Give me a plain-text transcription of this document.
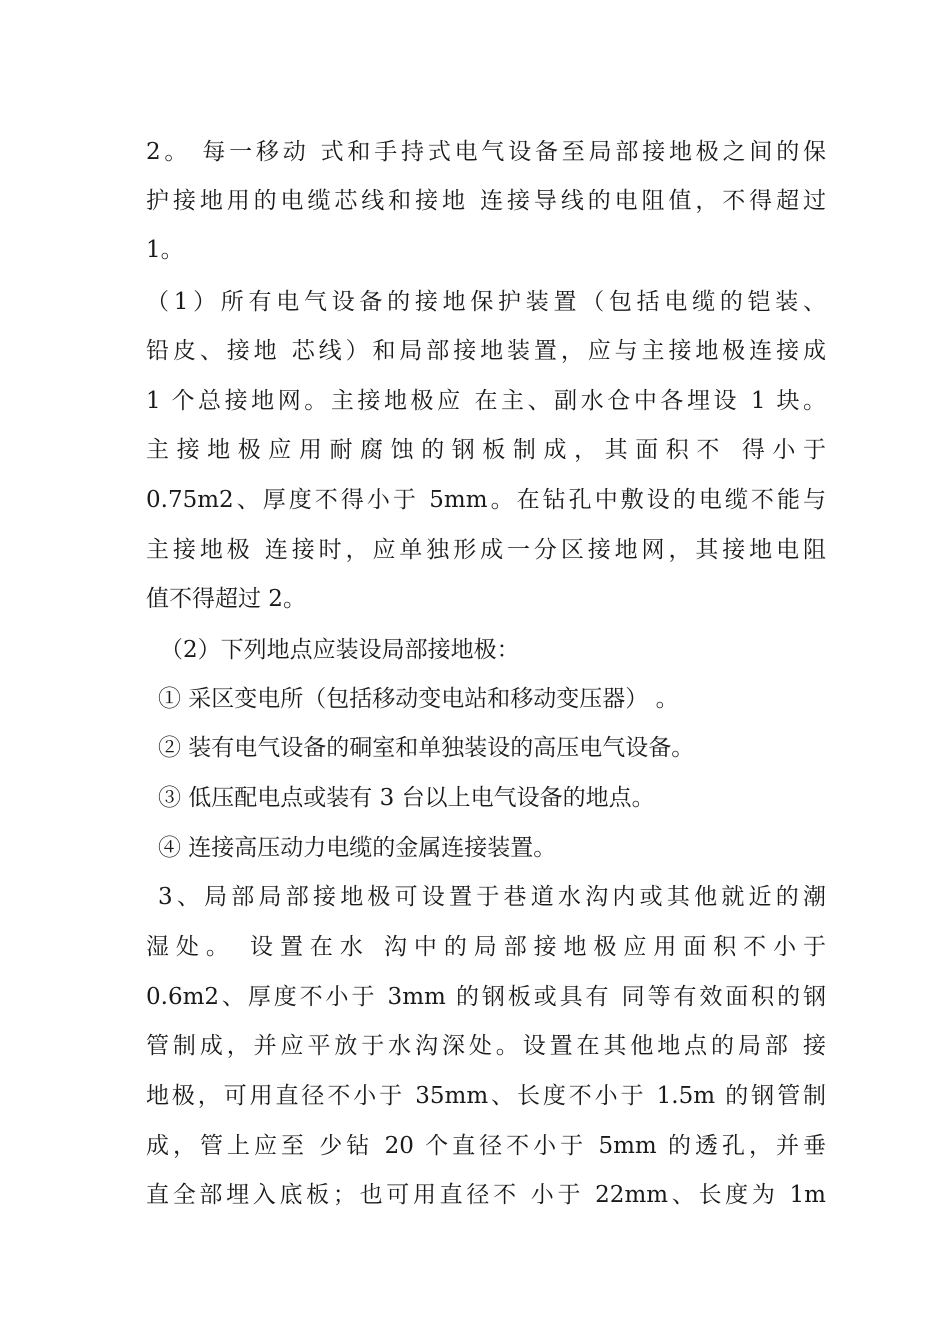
2。 每一移动 式和手持式电气设备至局部接地极之间的保
护接地用的电缆芯线和接地 连接导线的电阻值，不得超过
1。
（1）所有电气设备的接地保护装置（包括电缆的铠装、
铅皮、接地 芯线）和局部接地装置，应与主接地极连接成
1 个总接地网。主接地极应 在主、副水仓中各埋设 1 块。
主接地极应用耐腐蚀的钢板制成，其面积不 得小于
0.75m2、厚度不得小于 5mm。在钻孔中敷设的电缆不能与
主接地极 连接时，应单独形成一分区接地网，其接地电阻
值不得超过 2。
（2）下列地点应装设局部接地极：
① 采区变电所（包括移动变电站和移动变压器） 。
② 装有电气设备的硐室和单独装设的高压电气设备。
③ 低压配电点或装有 3 台以上电气设备的地点。
④ 连接高压动力电缆的金属连接装置。
3、局部局部接地极可设置于巷道水沟内或其他就近的潮
湿处。 设置在水 沟中的局部接地极应用面积不小于
0.6m2、厚度不小于 3mm 的钢板或具有 同等有效面积的钢
管制成，并应平放于水沟深处。设置在其他地点的局部 接
地极，可用直径不小于 35mm、长度不小于 1.5m 的钢管制
成，管上应至 少钻 20 个直径不小于 5mm 的透孔，并垂
直全部埋入底板；也可用直径不 小于 22mm、长度为 1m
